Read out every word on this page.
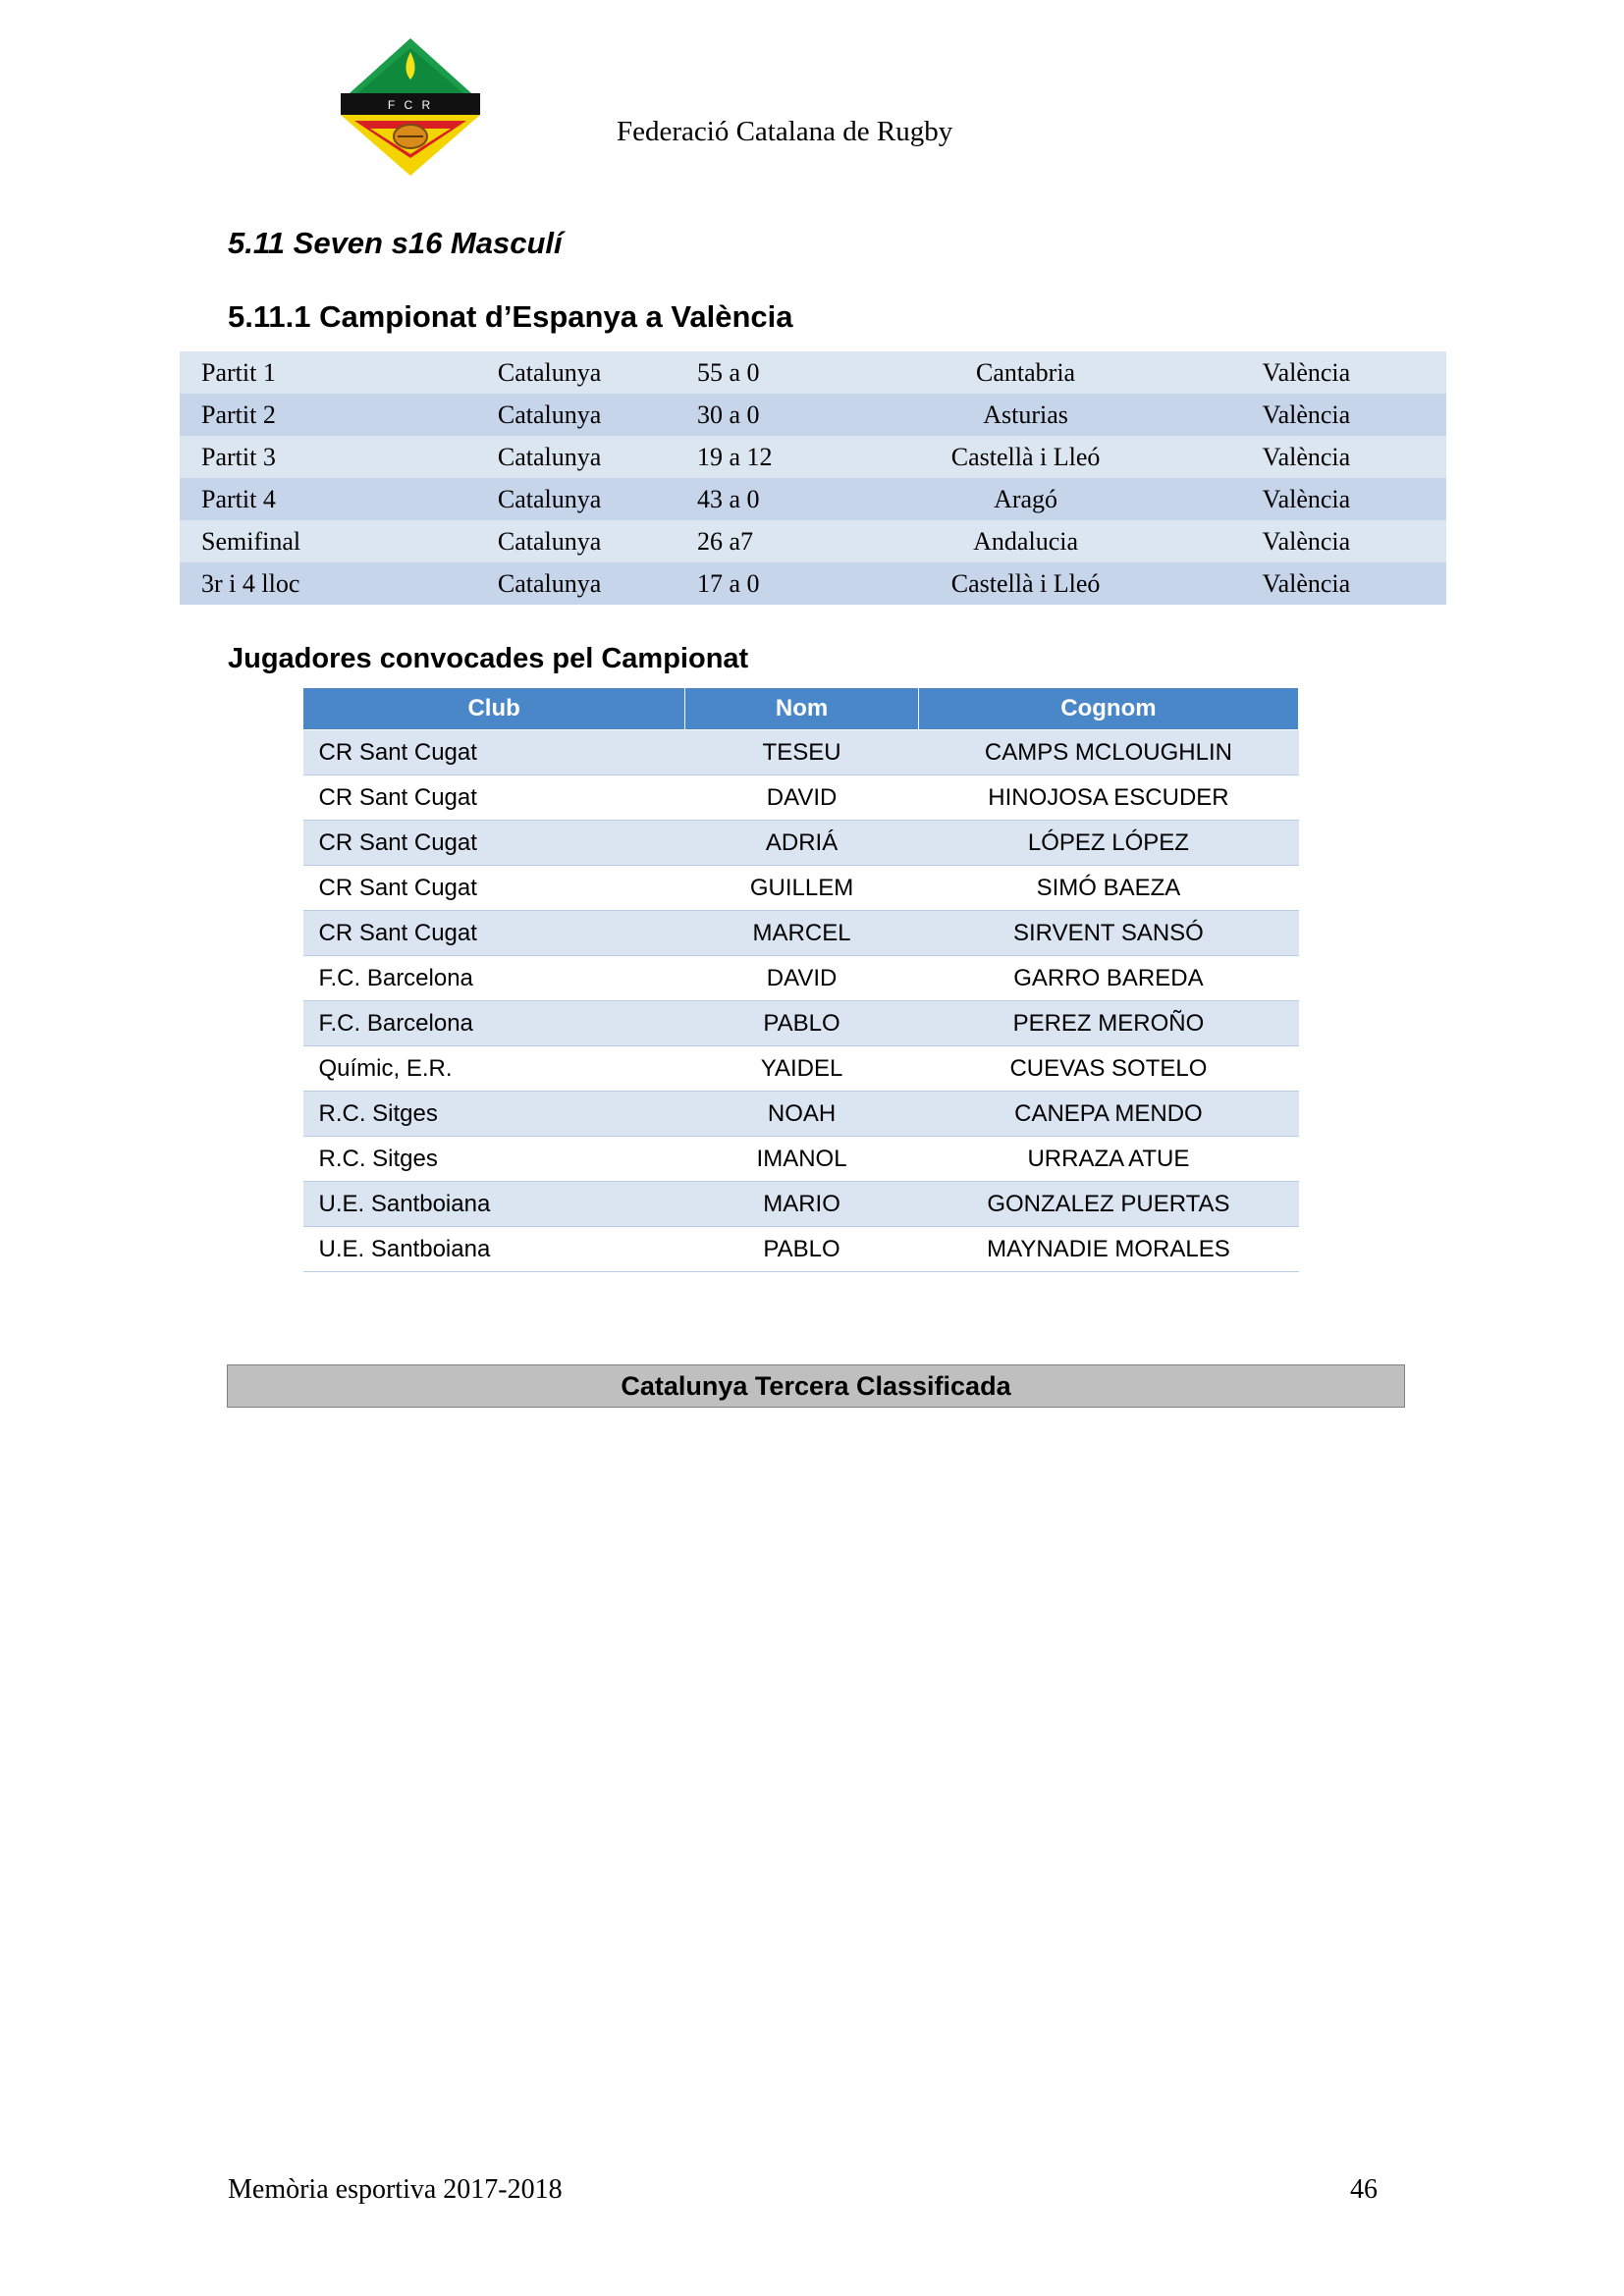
F C R
Federació Catalana de Rugby
5.11 Seven s16 Masculí
5.11.1 Campionat d’Espanya a València
Partit 1	Catalunya	55 a 0	Cantabria	València
Partit 2	Catalunya	30 a 0	Asturias	València
Partit 3	Catalunya	19 a 12	Castellà i Lleó	València
Partit 4	Catalunya	43 a 0	Aragó	València
Semifinal	Catalunya	26 a7	Andalucia	València
3r i 4 lloc	Catalunya	17 a 0	Castellà i Lleó	València
Jugadores convocades pel Campionat
Club	Nom	Cognom
CR Sant Cugat	TESEU	CAMPS MCLOUGHLIN
CR Sant Cugat	DAVID	HINOJOSA ESCUDER
CR Sant Cugat	ADRIÁ	LÓPEZ LÓPEZ
CR Sant Cugat	GUILLEM	SIMÓ BAEZA
CR Sant Cugat	MARCEL	SIRVENT SANSÓ
F.C. Barcelona	DAVID	GARRO BAREDA
F.C. Barcelona	PABLO	PEREZ MEROÑO
Químic, E.R.	YAIDEL	CUEVAS SOTELO
R.C. Sitges	NOAH	CANEPA MENDO
R.C. Sitges	IMANOL	URRAZA ATUE
U.E. Santboiana	MARIO	GONZALEZ PUERTAS
U.E. Santboiana	PABLO	MAYNADIE MORALES
Catalunya Tercera Classificada
Memòria esportiva 2017-2018	46
